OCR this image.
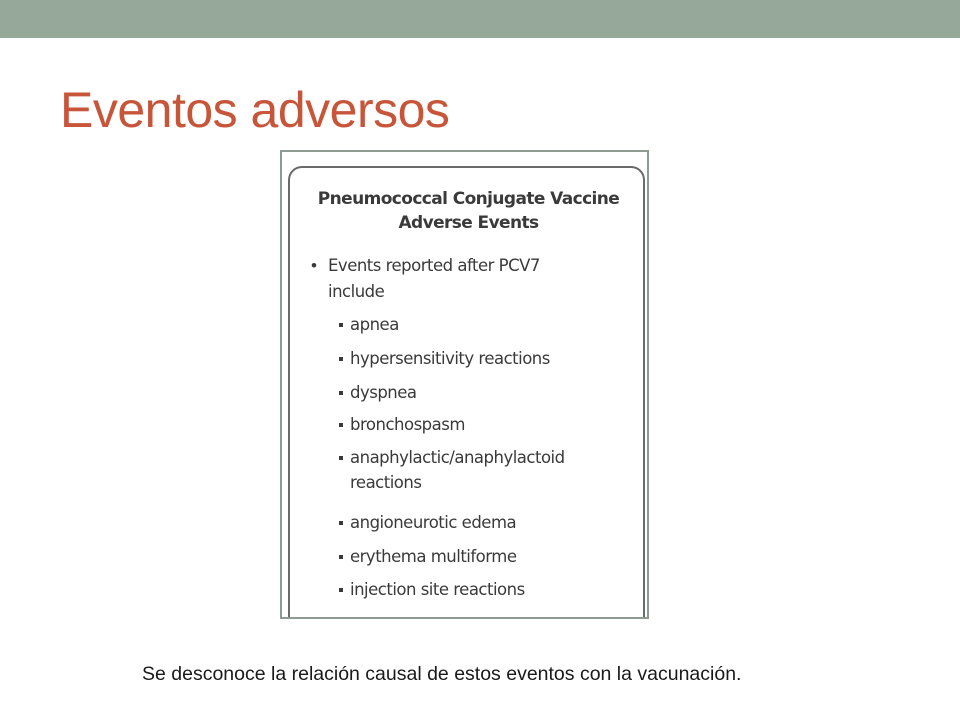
Eventos adversos
Pneumococcal Conjugate Vaccine
Adverse Events
• Events reported after PCV7 include
apnea
hypersensitivity reactions
dyspnea
bronchospasm
anaphylactic/anaphylactoid reactions
angioneurotic edema
erythema multiforme
injection site reactions
Se desconoce la relación causal de estos eventos con la vacunación.
